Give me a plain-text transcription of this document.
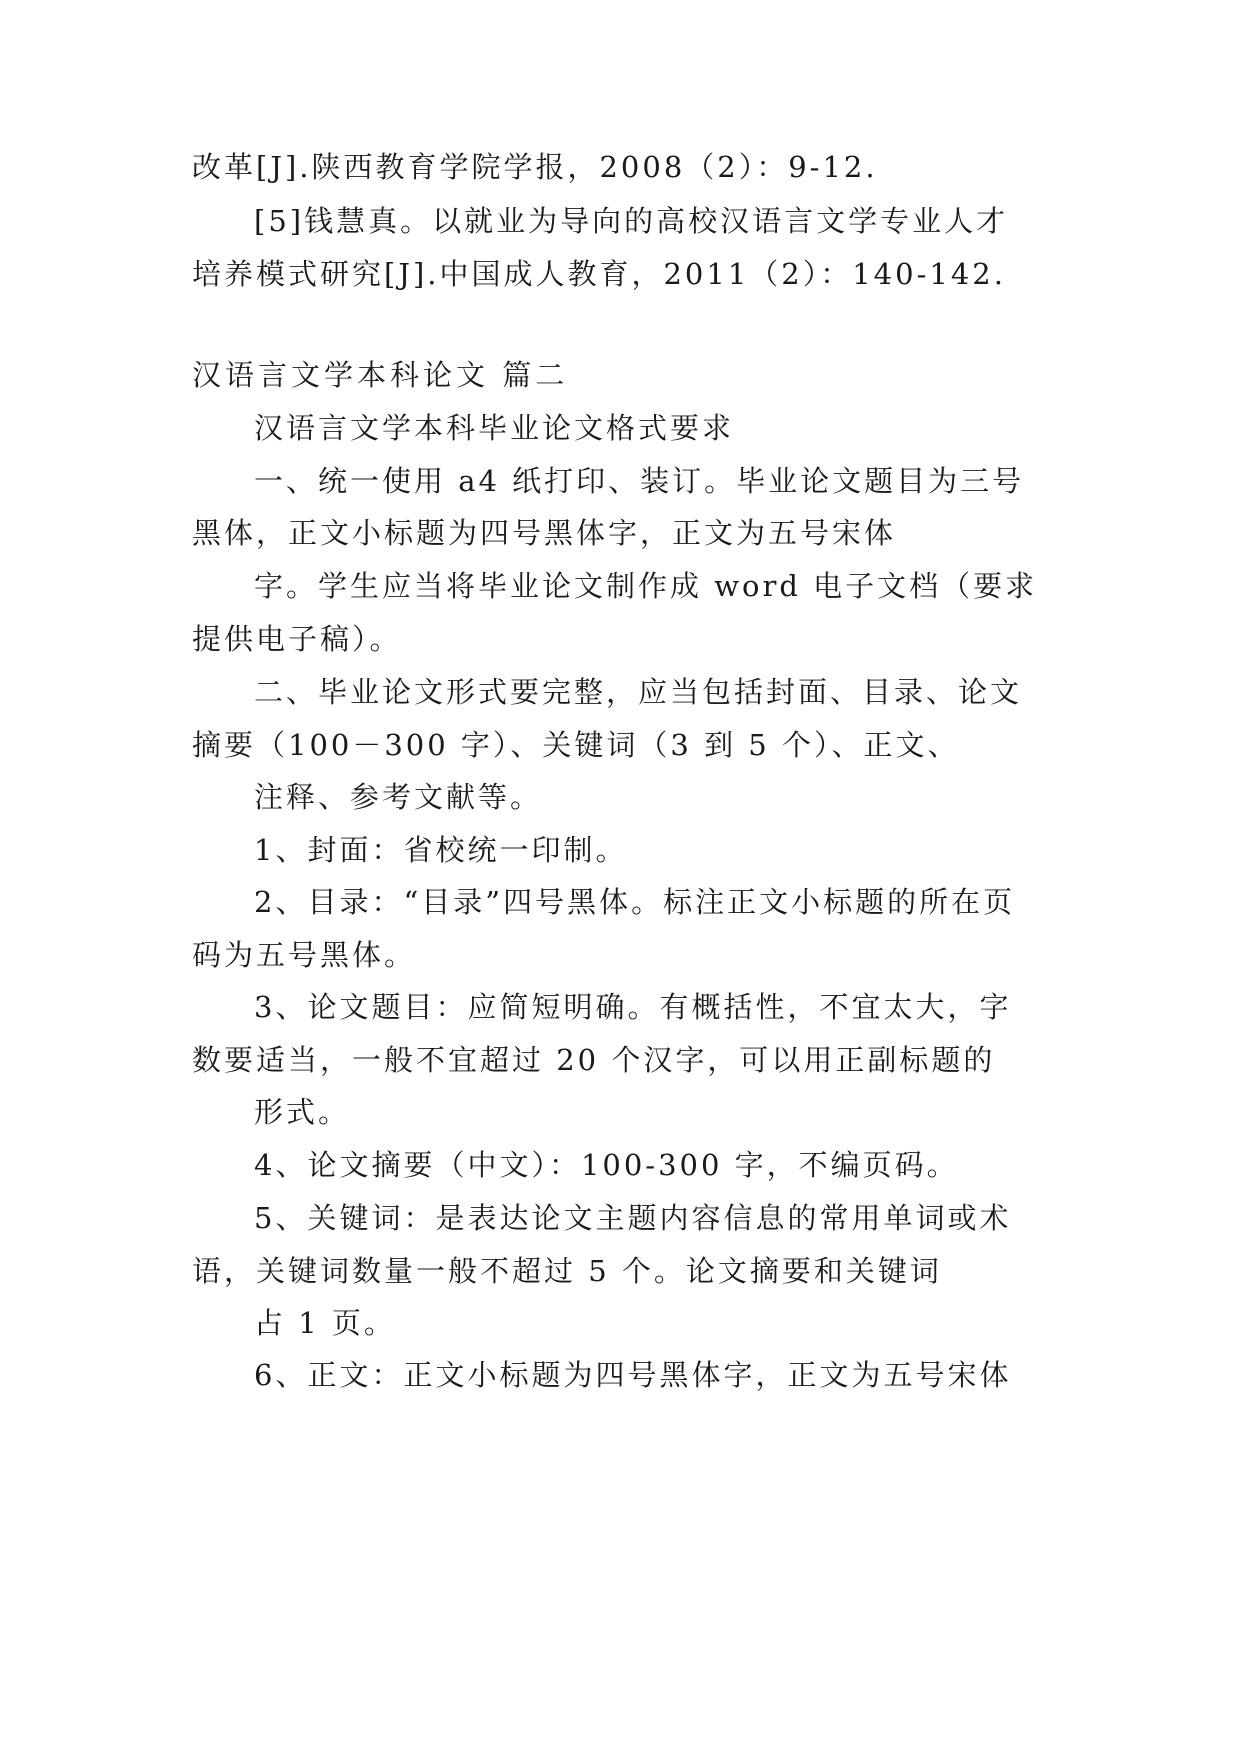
改革[J].陕西教育学院学报，2008（2）：9-12.
[5]钱慧真。以就业为导向的高校汉语言文学专业人才
培养模式研究[J].中国成人教育，2011（2）：140-142.
汉语言文学本科论文 篇二
汉语言文学本科毕业论文格式要求
一、统一使用 a4 纸打印、装订。毕业论文题目为三号
黑体，正文小标题为四号黑体字，正文为五号宋体
字。学生应当将毕业论文制作成 word 电子文档（要求
提供电子稿）。
二、毕业论文形式要完整，应当包括封面、目录、论文
摘要（100－300 字）、关键词（3 到 5 个）、正文、
注释、参考文献等。
1、封面：省校统一印制。
2、目录：“目录”四号黑体。标注正文小标题的所在页
码为五号黑体。
3、论文题目：应简短明确。有概括性，不宜太大，字
数要适当，一般不宜超过 20 个汉字，可以用正副标题的
形式。
4、论文摘要（中文）：100-300 字，不编页码。
5、关键词：是表达论文主题内容信息的常用单词或术
语，关键词数量一般不超过 5 个。论文摘要和关键词
占 1 页。
6、正文：正文小标题为四号黑体字，正文为五号宋体
